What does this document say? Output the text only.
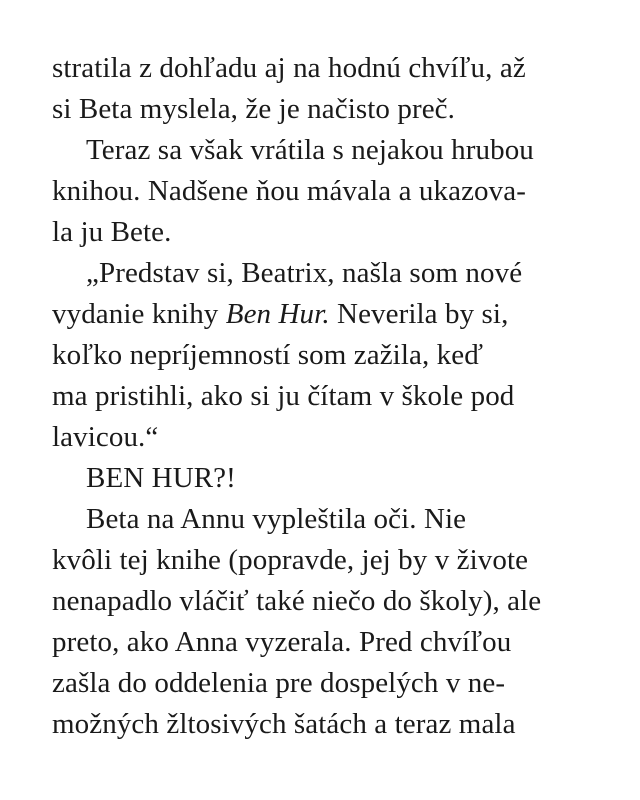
stratila z dohľadu aj na hodnú chvíľu, až
si Beta myslela, že je načisto preč.
Teraz sa však vrátila s nejakou hrubou
knihou. Nadšene ňou mávala a ukazova-
la ju Bete.
„Predstav si, Beatrix, našla som nové
vydanie knihy Ben Hur. Neverila by si,
koľko nepríjemností som zažila, keď
ma pristihli, ako si ju čítam v škole pod
lavicou.“
BEN HUR?!
Beta na Annu vypleštila oči. Nie
kvôli tej knihe (popravde, jej by v živote
nenapadlo vláčiť také niečo do školy), ale
preto, ako Anna vyzerala. Pred chvíľou
zašla do oddelenia pre dospelých v ne-
možných žltosivých šatách a teraz mala
